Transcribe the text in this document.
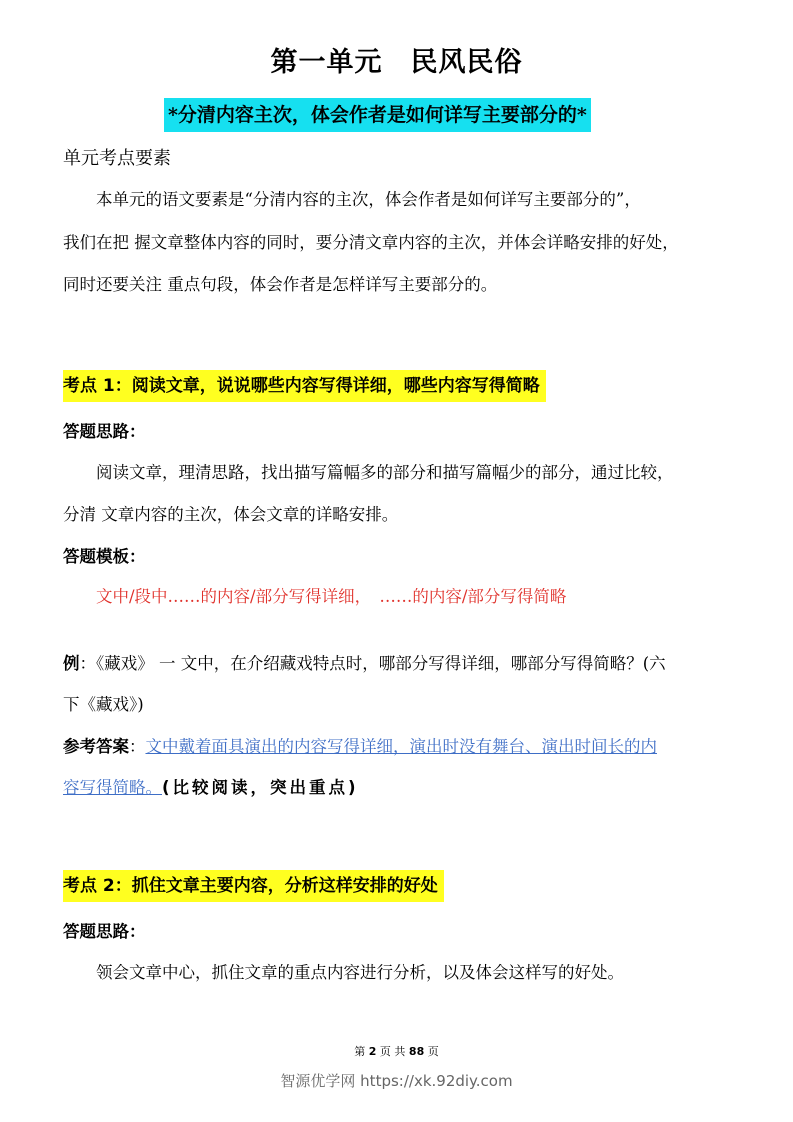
第一单元　民风民俗
*分清内容主次，体会作者是如何详写主要部分的*
单元考点要素
　　本单元的语文要素是“分清内容的主次，体会作者是如何详写主要部分的”，
我们在把 握文章整体内容的同时，要分清文章内容的主次，并体会详略安排的好处，
同时还要关注 重点句段，体会作者是怎样详写主要部分的。
考点 1：阅读文章，说说哪些内容写得详细，哪些内容写得简略
答题思路：
　　阅读文章，理清思路，找出描写篇幅多的部分和描写篇幅少的部分，通过比较，
分清 文章内容的主次，体会文章的详略安排。
答题模板：
　　文中/段中……的内容/部分写得详细，　……的内容/部分写得简略
例：《藏戏》 一 文中，在介绍藏戏特点时，哪部分写得详细，哪部分写得简略？(六
下《藏戏》)
参考答案：文中戴着面具演出的内容写得详细，演出时没有舞台、演出时间长的内
容写得简略。(比较阅读，突出重点)
考点 2：抓住文章主要内容，分析这样安排的好处
答题思路：
　　领会文章中心，抓住文章的重点内容进行分析，以及体会这样写的好处。
第 2 页 共 88 页
智源优学网 https://xk.92diy.com
